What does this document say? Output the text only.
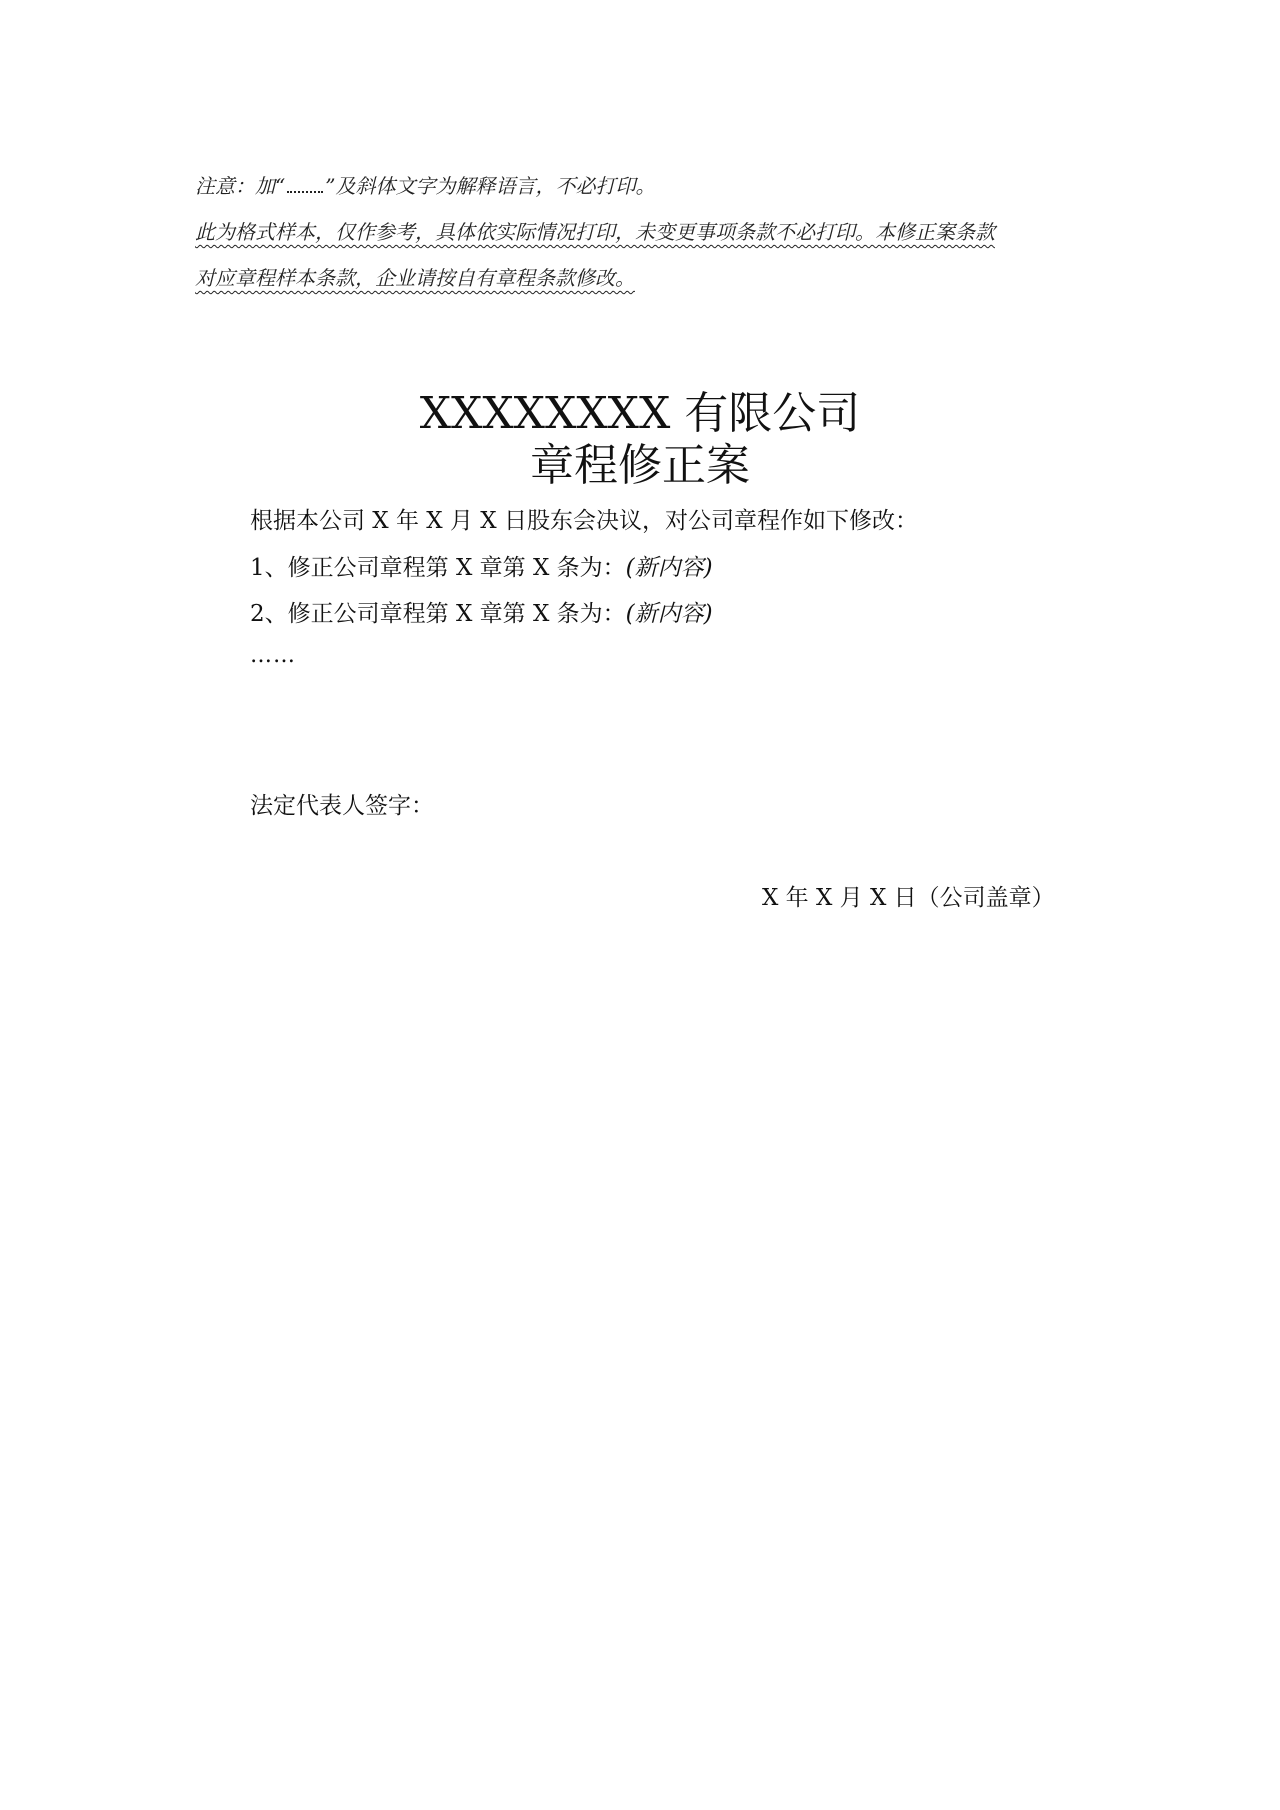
注意：加“ ”及斜体文字为解释语言，不必打印。
此为格式样本，仅作参考，具体依实际情况打印，未变更事项条款不必打印。本修正案条款
对应章程样本条款，企业请按自有章程条款修改。
XXXXXXXX 有限公司
章程修正案
根据本公司 X 年 X 月 X 日股东会决议，对公司章程作如下修改：
1、修正公司章程第 X 章第 X 条为：(新内容)
2、修正公司章程第 X 章第 X 条为：(新内容)
……
法定代表人签字：
X 年 X 月 X 日（公司盖章）
